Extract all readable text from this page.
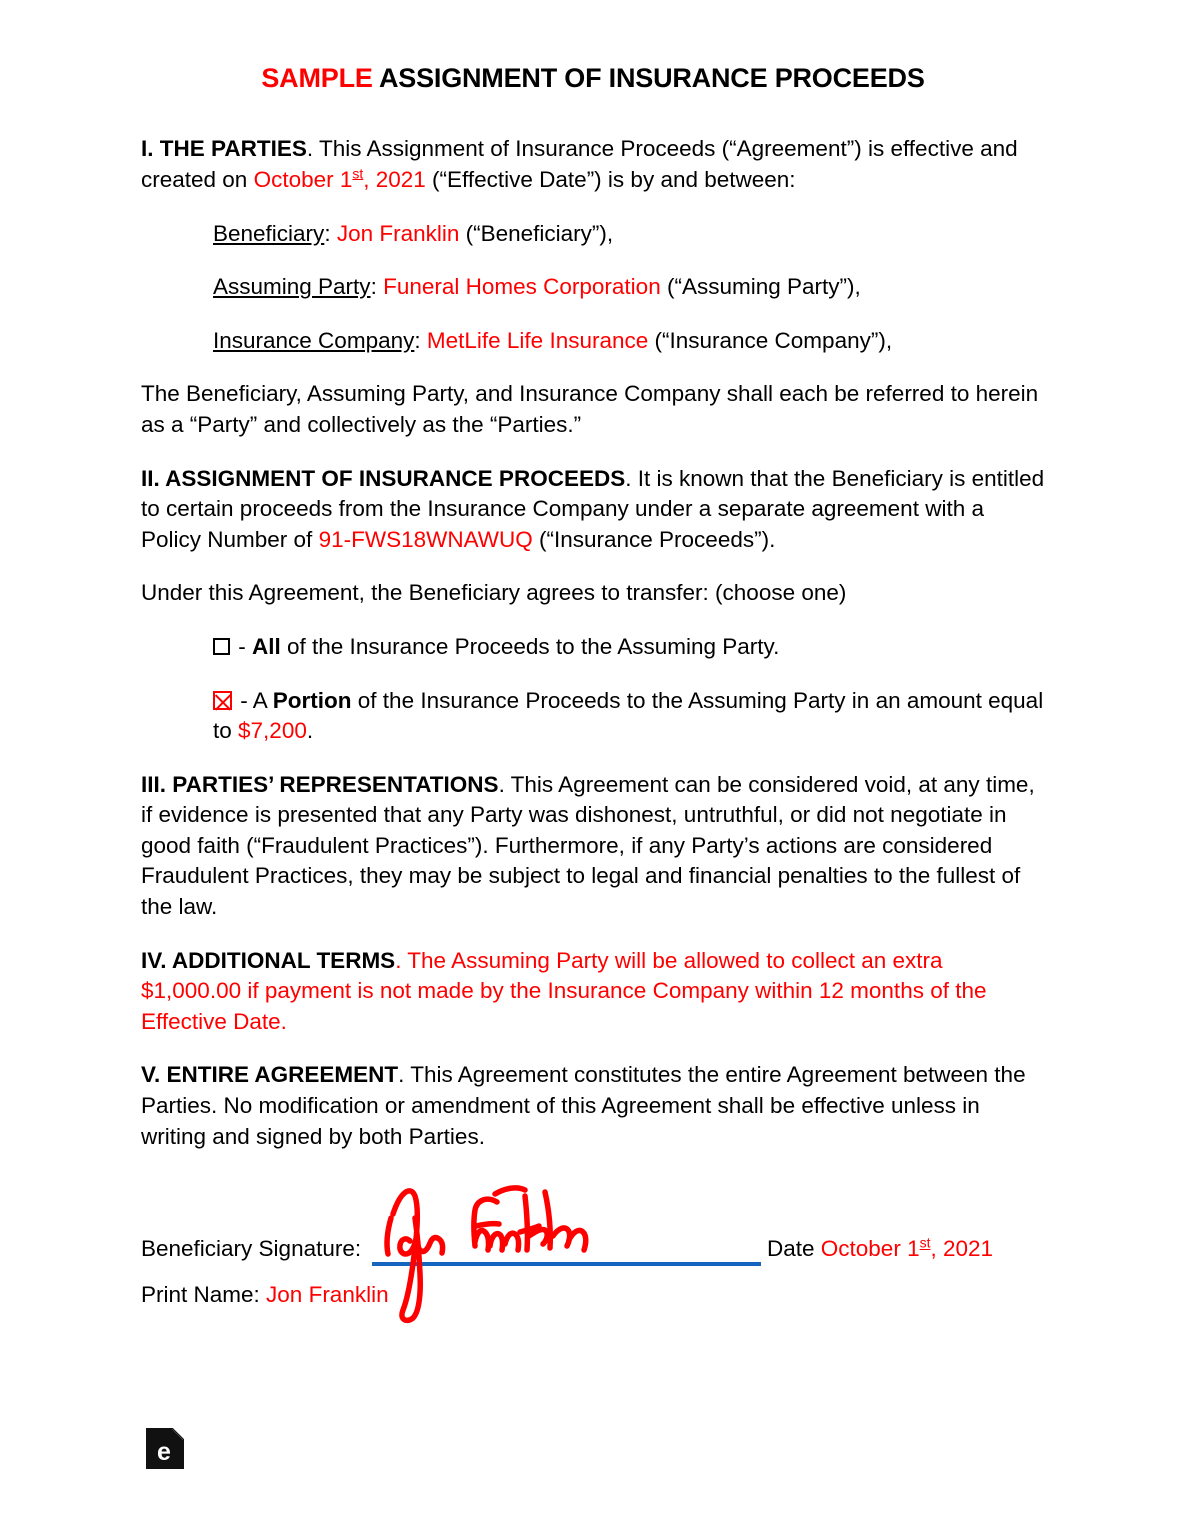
SAMPLE ASSIGNMENT OF INSURANCE PROCEEDS

I. THE PARTIES. This Assignment of Insurance Proceeds (“Agreement”) is effective and created on October 1st, 2021 (“Effective Date”) is by and between:

Beneficiary: Jon Franklin (“Beneficiary”),

Assuming Party: Funeral Homes Corporation (“Assuming Party”),

Insurance Company: MetLife Life Insurance (“Insurance Company”),

The Beneficiary, Assuming Party, and Insurance Company shall each be referred to herein as a “Party” and collectively as the “Parties.”

II. ASSIGNMENT OF INSURANCE PROCEEDS. It is known that the Beneficiary is entitled to certain proceeds from the Insurance Company under a separate agreement with a Policy Number of 91-FWS18WNAWUQ (“Insurance Proceeds”).

Under this Agreement, the Beneficiary agrees to transfer: (choose one)

- All of the Insurance Proceeds to the Assuming Party.

- A Portion of the Insurance Proceeds to the Assuming Party in an amount equal to $7,200.

III. PARTIES’ REPRESENTATIONS. This Agreement can be considered void, at any time, if evidence is presented that any Party was dishonest, untruthful, or did not negotiate in good faith (“Fraudulent Practices”). Furthermore, if any Party’s actions are considered Fraudulent Practices, they may be subject to legal and financial penalties to the fullest of the law.

IV. ADDITIONAL TERMS. The Assuming Party will be allowed to collect an extra $1,000.00 if payment is not made by the Insurance Company within 12 months of the Effective Date.

V. ENTIRE AGREEMENT. This Agreement constitutes the entire Agreement between the Parties. No modification or amendment of this Agreement shall be effective unless in writing and signed by both Parties.

Beneficiary Signature:	Date October 1st, 2021
Print Name: Jon Franklin
e
